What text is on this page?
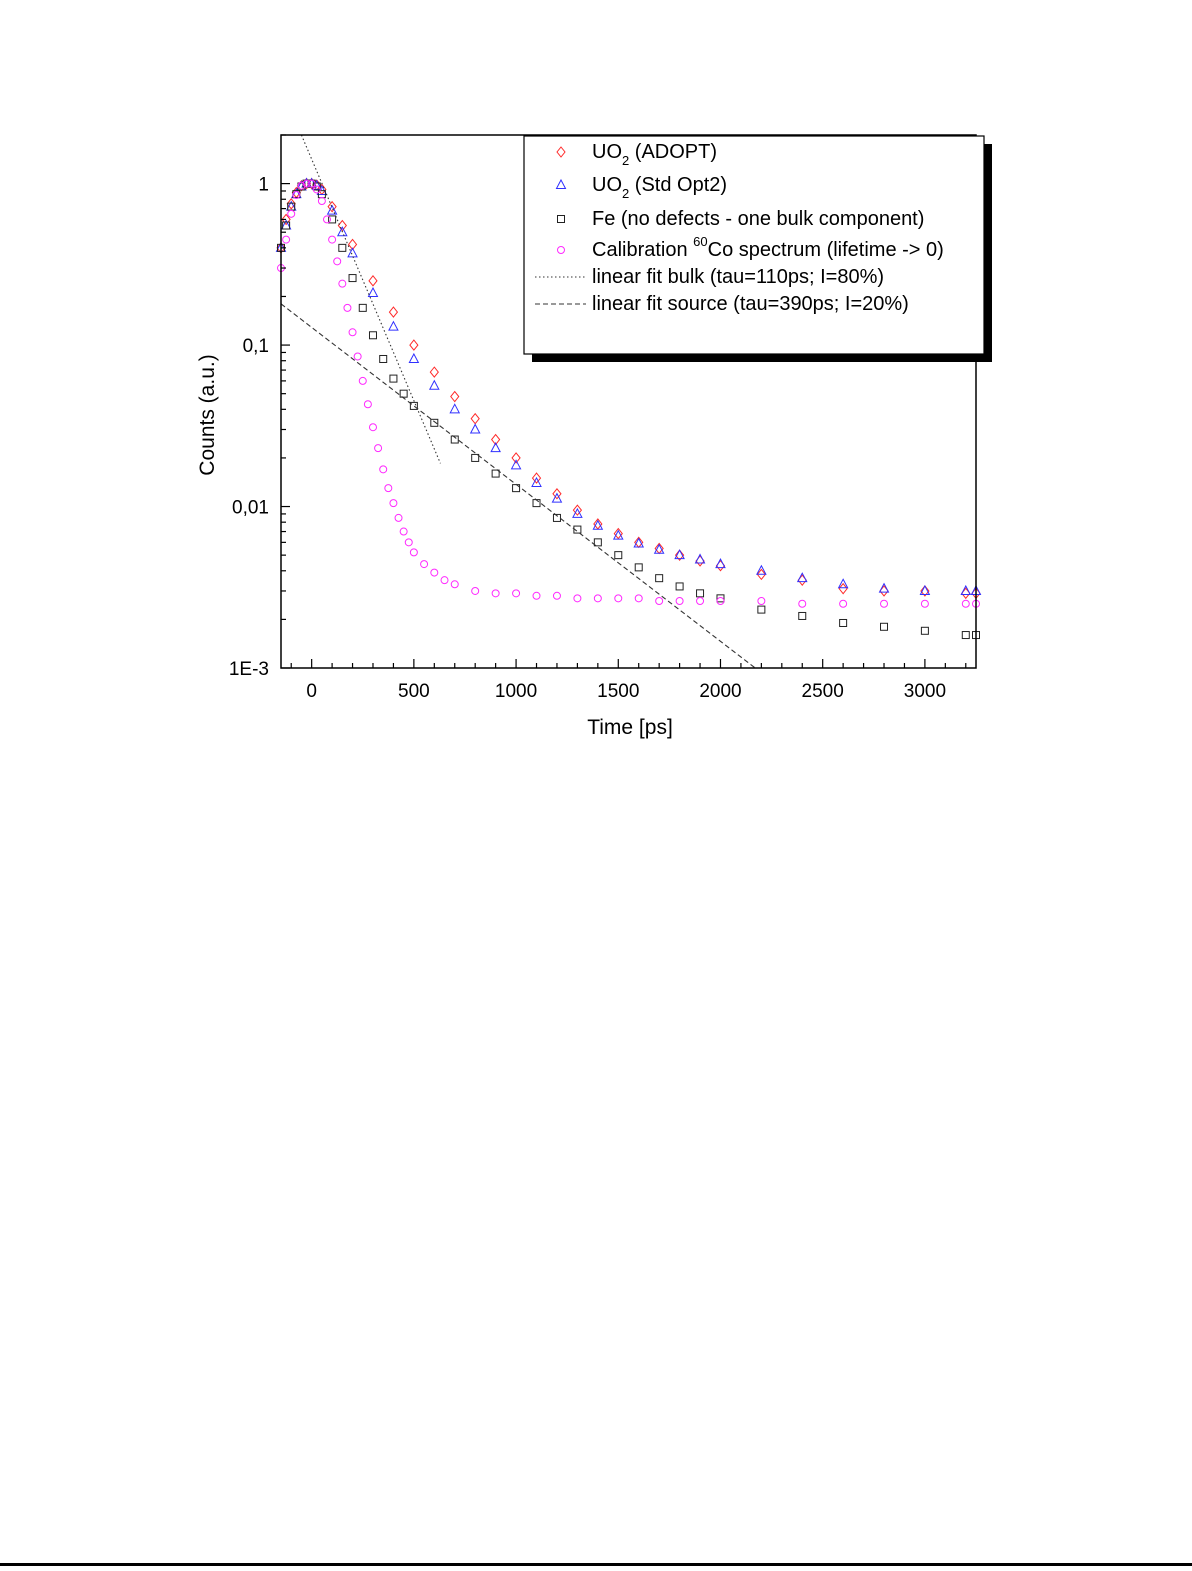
0	500	1000	1500	2000	2500	3000
1
0,1
0,01
1E-3
Time [ps]
Counts (a.u.)
$UO_2$ (ADOPT)
$UO_2$ (Std Opt2)
Fe (no defects - one bulk component)
Calibration $^{60}$Co spectrum (lifetime -> 0)
linear fit bulk (tau=110ps; I=80%)
linear fit source (tau=390ps; I=20%)
